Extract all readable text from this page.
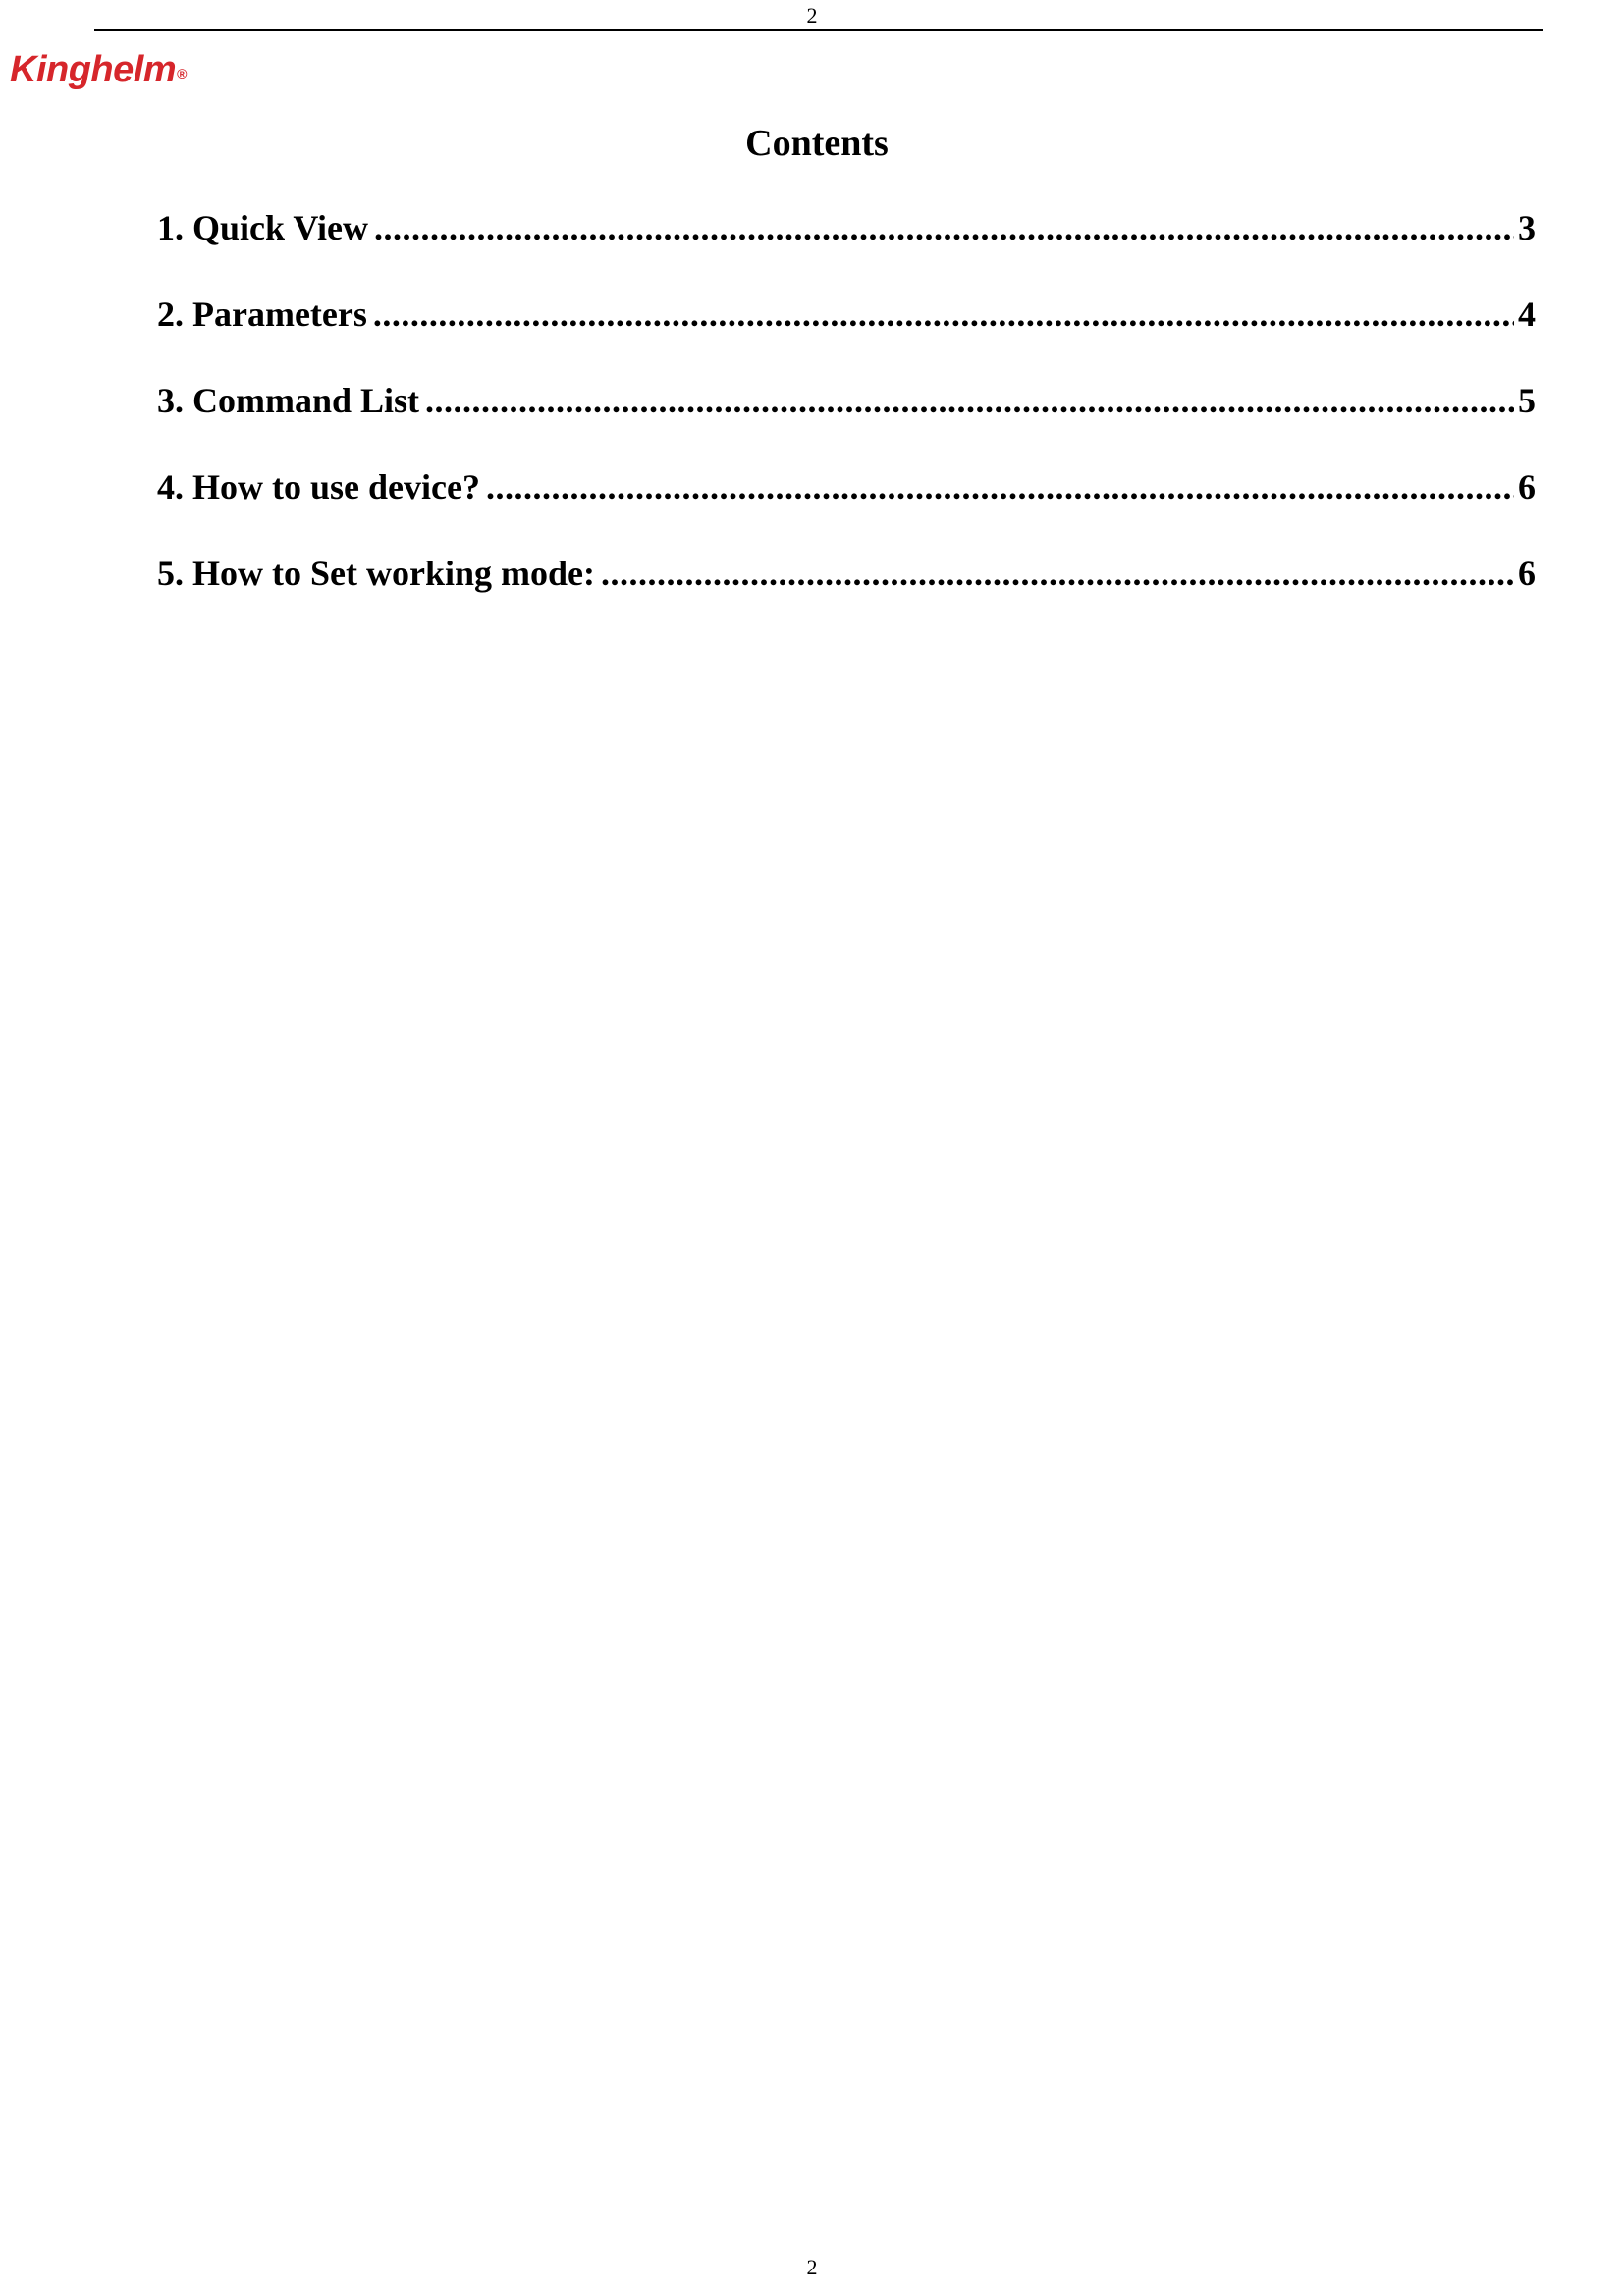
2
Kinghelm®
Contents
1. Quick View .....	3
2. Parameters .....	4
3. Command List .....	5
4. How to use device? .....	6
5. How to Set working mode: .....	6
2
